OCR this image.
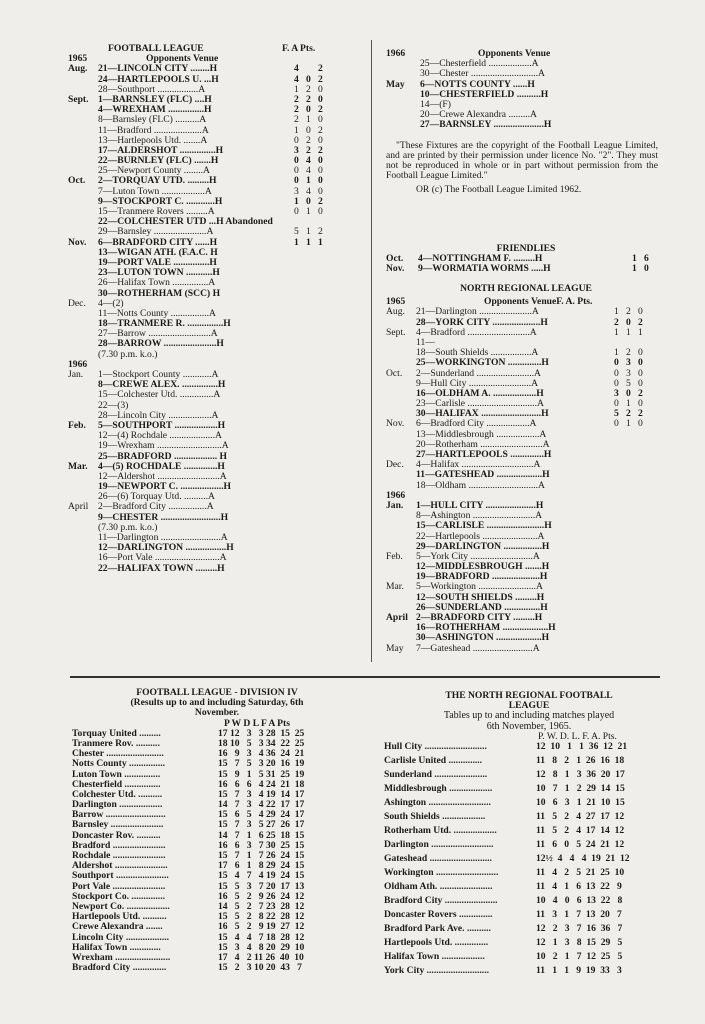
FOOTBALL LEAGUE	F. A Pts.
1965	Opponents Venue
Aug. 21—LINCOLN CITY ........H	4        2
24—HARTLEPOOLS U. ...H	4   0   2
28—Southport .................A	1   2   0
Sept. 1—BARNSLEY (FLC) ....H	2   2   0
4—WREXHAM ...............H	2   0   2
8—Barnsley (FLC) ..........A	2   1   0
11—Bradford ....................A	1   0   2
13—Hartlepools Utd. .......A	0   2   0
17—ALDERSHOT ...............H	3   2   2
22—BURNLEY (FLC) .......H	0   4   0
25—Newport County ........A	0   4   0
Oct. 2—TORQUAY UTD. .........H	0   1   0
7—Luton Town ..................A	3   4   0
9—STOCKPORT C. ............H	1   0   2
15—Tranmere Rovers .........A	0   1   0
22—COLCHESTER UTD ...H Abandoned
29—Barnsley ......................A	5   1   2
Nov. 6—BRADFORD CITY ......H	1   1   1
13—WIGAN ATH. (F.A.C. H
19—PORT VALE ...............H
23—LUTON TOWN ...........H
26—Halifax Town ...............A
30—ROTHERHAM (SCC) H
Dec. 4—(2)
11—Notts County ................A
18—TRANMERE R. ...............H
27—Barrow ..........................A
28—BARROW ......................H
(7.30 p.m. k.o.)
1966
Jan. 1—Stockport County ............A
8—CREWE ALEX. ...............H
15—Colchester Utd. ..............A
22—(3)
28—Lincoln City ..................A
Feb. 5—SOUTHPORT ..................H
12—(4) Rochdale ...................A
19—Wrexham ...........................A
25—BRADFORD .................. H
Mar. 4—(5) ROCHDALE ..............H
12—Aldershot ..........................A
19—NEWPORT C. ..................H
26—(6) Torquay Utd. ..........A
April 2—Bradford City ................A
9—CHESTER .........................H
(7.30 p.m. k.o.)
11—Darlington .........................A
12—DARLINGTON .................H
16—Port Vale ...........................A
22—HALIFAX TOWN .........H
1966	Opponents Venue
25—Chesterfield ..................A
30—Chester ............................A
May 6—NOTTS COUNTY ......H
10—CHESTERFIELD ..........H
14—(F)
20—Crewe Alexandra .........A
27—BARNSLEY .....................H
"These Fixtures are the copyright of the Football League Limited, and are printed by their permission under licence No. "2". They must not be reproduced in whole or in part without permission from the Football League Limited."
OR (c) The Football League Limited 1962.
FRIENDLIES
Oct. 4—NOTTINGHAM F. .........H	1   6
Nov. 9—WORMATIA WORMS .....H	1   0
NORTH REGIONAL LEAGUE
1965	Opponents VenueF. A. Pts.
Aug. 21—Darlington ......................A	1   2   0
28—YORK CITY ....................H	2   0   2
Sept. 4—Bradford ..........................A	1   1   1
11—
18—South Shields .................A	1   2   0
25—WORKINGTON ..............H	0   3   0
Oct. 2—Sunderland ........................A	0   3   0
9—Hull City ..........................A	0   5   0
16—OLDHAM A. ..................H	3   0   2
23—Carlisle .............................A	0   1   0
30—HALIFAX .........................H	5   2   2
Nov. 6—Bradford City ..................A	0   1   0
13—Middlesbrough ..................A
20—Rotherham ..........................A
27—HARTLEPOOLS ..............H
Dec. 4—Halifax ..............................A
11—GATESHEAD ...................H
18—Oldham .............................A
1966
Jan. 1—HULL CITY .....................H
8—Ashington ..........................A
15—CARLISLE ........................H
22—Hartlepools .......................A
29—DARLINGTON ................H
Feb. 5—York City ..........................A
12—MIDDLESBROUGH .......H
19—BRADFORD ....................H
Mar. 5—Workington ........................A
12—SOUTH SHIELDS .........H
26—SUNDERLAND ...............H
April 2—BRADFORD CITY .........H
16—ROTHERHAM ...................H
30—ASHINGTON ...................H
May 7—Gateshead .........................A
FOOTBALL LEAGUE - DIVISION IV
(Results up to and including Saturday, 6th
November.
P W D L F A Pts
Torquay United .........	17 12   3   3 28  15  25
Tranmere Rov. ..........	18 10   5   3 34  22  25
Chester ........................	16   9   3   4 36  24  21
Notts County ...............	15   7   5   3 20  16  19
Luton Town ...............	15   9   1   5 31  25  19
Chesterfield ...............	16   6   6   4 24  21  18
Colchester Utd. ..........	15   7   3   4 19  14  17
Darlington ..................	14   7   3   4 22  17  17
Barrow .........................	15   6   5   4 29  24  17
Barnsley ......................	15   7   3   5 27  26  17
Doncaster Rov. ..........	14   7   1   6 25  18  15
Bradford ......................	16   6   3   7 30  25  15
Rochdale ......................	15   7   1   7 26  24  15
Aldershot ......................	17   6   1   8 29  24  15
Southport ......................	15   4   7   4 19  24  15
Port Vale ......................	15   5   3   7 20  17  13
Stockport Co. ..............	16   5   2   9 26  24  12
Newport Co. ..................	14   5   2   7 23  28  12
Hartlepools Utd. ..........	15   5   2   8 22  28  12
Crewe Alexandra .......	16   5   2   9 19  27  12
Lincoln City ..................	15   4   4   7 18  28  12
Halifax Town .............	15   3   4   8 20  29  10
Wrexham .......................	17   4   2 11 26  40  10
Bradford City ..............	15   2   3 10 20  43   7
THE NORTH REGIONAL FOOTBALL
LEAGUE
Tables up to and including matches played
6th November, 1965.
P. W. D. L. F. A. Pts.
Hull City ..........................	12  10   1   1  36  12  21
Carlisle United ..............	11   8   2   1  26  16  18
Sunderland ......................	12   8   1   3  36  20  17
Middlesbrough ..................	10   7   1   2  29  14  15
Ashington ..........................	10   6   3   1  21  10  15
South Shields ..................	11   5   2   4  27  17  12
Rotherham Utd. ..................	11   5   2   4  17  14  12
Darlington ..........................	11   6   0   5  24  21  12
Gateshead ..........................	12½  4   4   4  19  21  12
Workington ..........................	11   4   2   5  21  25  10
Oldham Ath. ......................	11   4   1   6  13  22   9
Bradford City ......................	10   4   0   6  13  22   8
Doncaster Rovers ..............	11   3   1   7  13  20   7
Bradford Park Ave. ..........	12   2   3   7  16  36   7
Hartlepools Utd. ..............	12   1   3   8  15  29   5
Halifax Town ..................	10   2   1   7  12  25   5
York City ..........................	11   1   1   9  19  33   3
